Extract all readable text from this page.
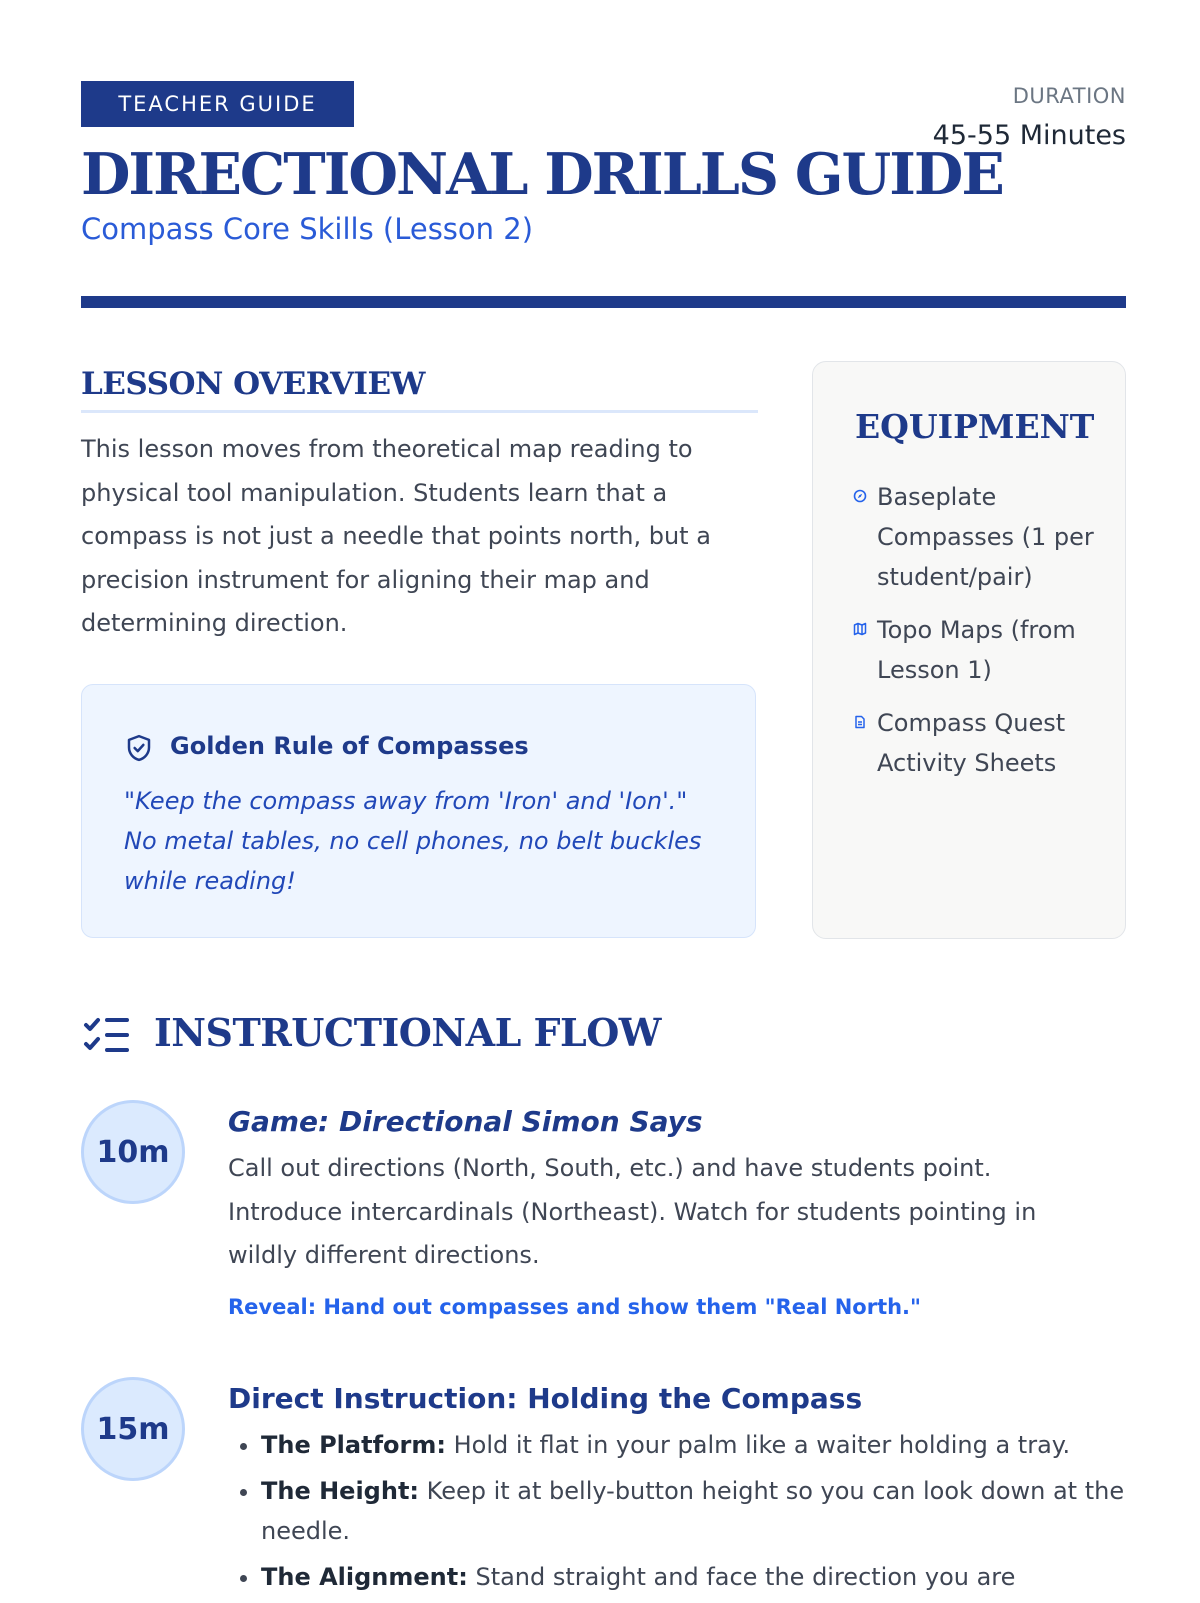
TEACHER GUIDE
DIRECTIONAL DRILLS GUIDE
Compass Core Skills (Lesson 2)
DURATION
45-55 Minutes
LESSON OVERVIEW

This lesson moves from theoretical map reading to physical tool manipulation. Students learn that a compass is not just a needle that points north, but a precision instrument for aligning their map and determining direction.

Golden Rule of Compasses

"Keep the compass away from 'Iron' and 'Ion'." No metal tables, no cell phones, no belt buckles while reading!

EQUIPMENT
Baseplate Compasses (1 per student/pair)
Topo Maps (from Lesson 1)
Compass Quest Activity Sheets
INSTRUCTIONAL FLOW
10m
Game: Directional Simon Says

Call out directions (North, South, etc.) and have students point. Introduce intercardinals (Northeast). Watch for students pointing in wildly different directions.

Reveal: Hand out compasses and show them "Real North."
15m
Direct Instruction: Holding the Compass
• The Platform: Hold it flat in your palm like a waiter holding a tray.
• The Height: Keep it at belly-button height so you can look down at the needle.
• The Alignment: Stand straight and face the direction you are
